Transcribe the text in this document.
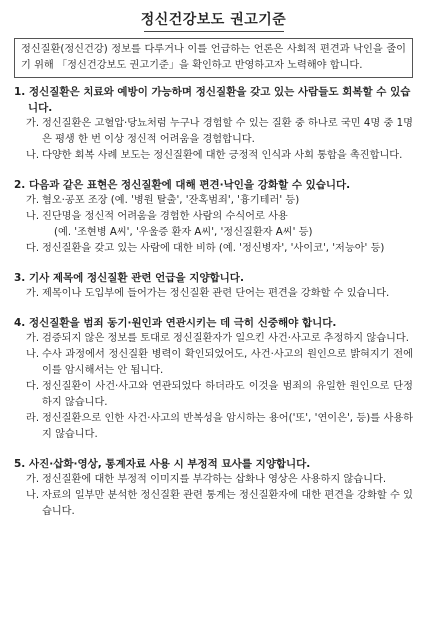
정신건강보도 권고기준
정신질환(정신건강) 정보를 다루거나 이를 언급하는 언론은 사회적 편견과 낙인을 줄이기 위해 「정신건강보도 권고기준」을 확인하고 반영하고자 노력해야 합니다.
1. 정신질환은 치료와 예방이 가능하며 정신질환을 갖고 있는 사람들도 회복할 수 있습니다.
가. 정신질환은 고혈압·당뇨처럼 누구나 경험할 수 있는 질환 중 하나로 국민 4명 중 1명은 평생 한 번 이상 정신적 어려움을 경험합니다.
나. 다양한 회복 사례 보도는 정신질환에 대한 긍정적 인식과 사회 통합을 촉진합니다.
2. 다음과 같은 표현은 정신질환에 대해 편견·낙인을 강화할 수 있습니다.
가. 혐오·공포 조장 (예. '병원 탈출', '잔혹범죄', '흉기테러' 등)
나. 진단명을 정신적 어려움을 경험한 사람의 수식어로 사용
(예. '조현병 A씨', '우울증 환자 A씨', '정신질환자 A씨' 등)
다. 정신질환을 갖고 있는 사람에 대한 비하 (예. '정신병자', '사이코', '저능아' 등)
3. 기사 제목에 정신질환 관련 언급을 지양합니다.
가. 제목이나 도입부에 들어가는 정신질환 관련 단어는 편견을 강화할 수 있습니다.
4. 정신질환을 범죄 동기·원인과 연관시키는 데 극히 신중해야 합니다.
가. 검증되지 않은 정보를 토대로 정신질환자가 일으킨 사건·사고로 추정하지 않습니다.
나. 수사 과정에서 정신질환 병력이 확인되었어도, 사건·사고의 원인으로 밝혀지기 전에 이를 암시해서는 안 됩니다.
다. 정신질환이 사건·사고와 연관되었다 하더라도 이것을 범죄의 유일한 원인으로 단정하지 않습니다.
라. 정신질환으로 인한 사건·사고의 반복성을 암시하는 용어('또', '연이은', 등)를 사용하지 않습니다.
5. 사진·삽화·영상, 통계자료 사용 시 부정적 묘사를 지양합니다.
가. 정신질환에 대한 부정적 이미지를 부각하는 삽화나 영상은 사용하지 않습니다.
나. 자료의 일부만 분석한 정신질환 관련 통계는 정신질환자에 대한 편견을 강화할 수 있습니다.
